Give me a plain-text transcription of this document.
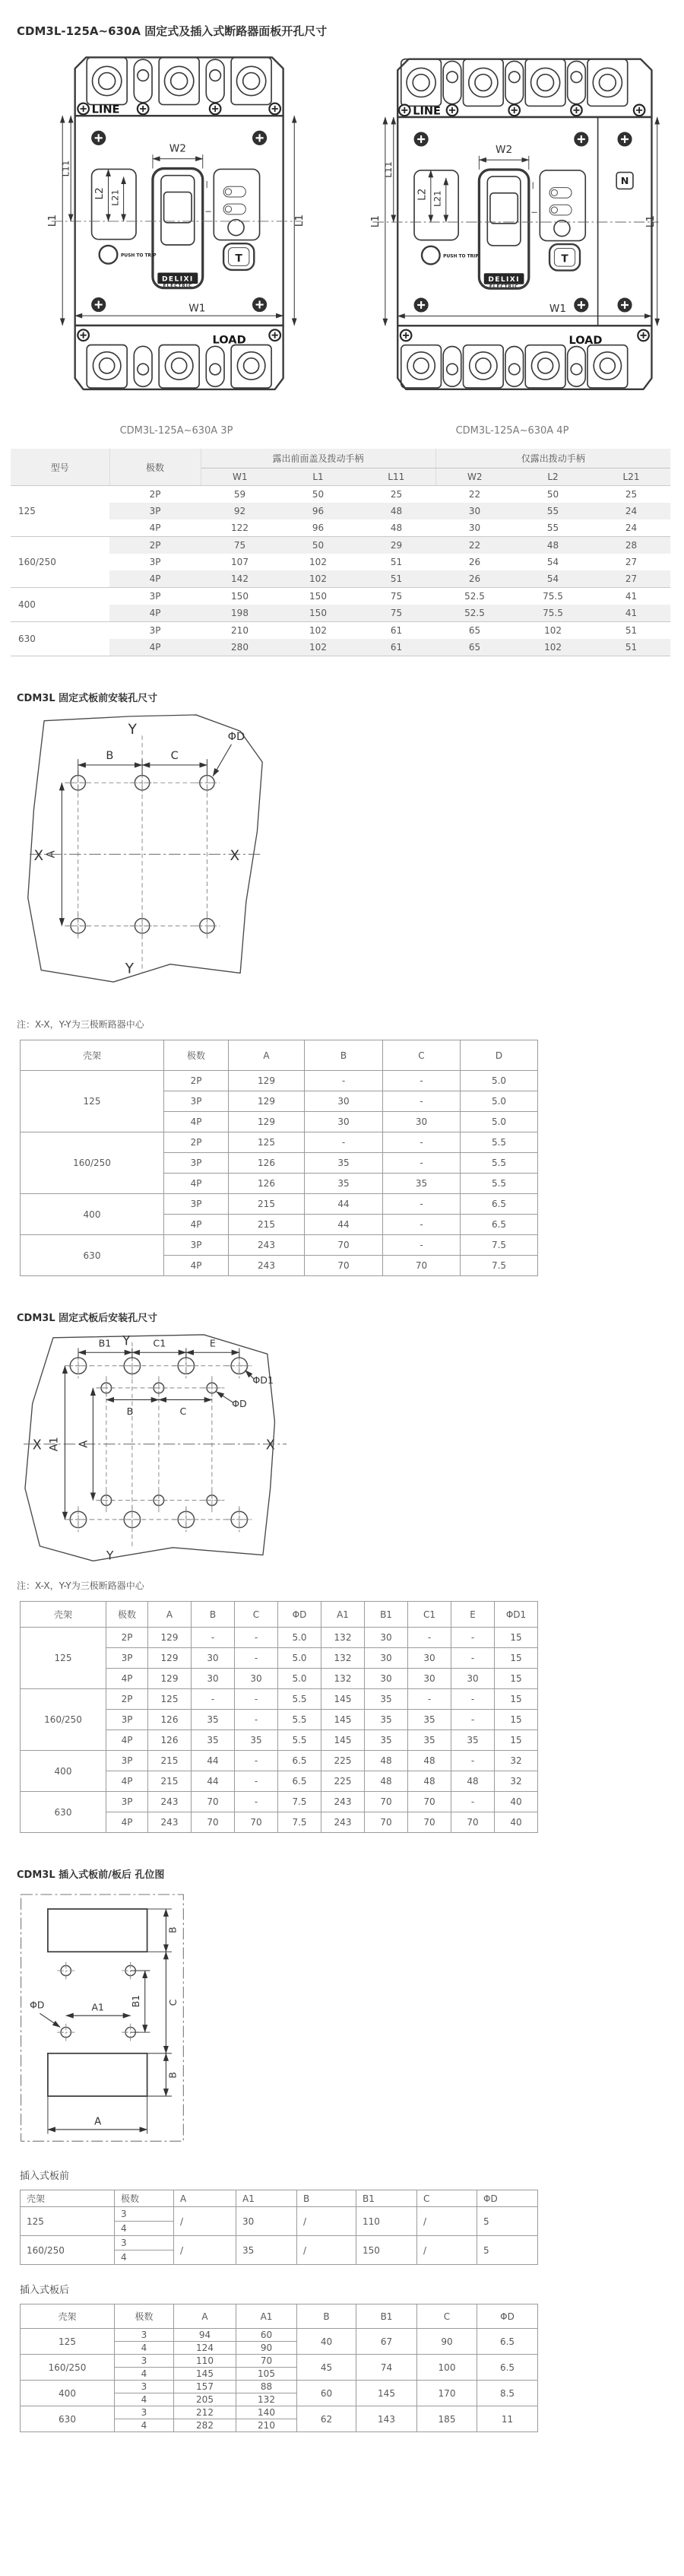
CDM3L-125A~630A 固定式及插入式断路器面板开孔尺寸
LINE
DELIXI
ELECTRIC
T
PUSH TO TRIP
W2
W1
L1
L11
L2 L21
L1
LOAD
CDM3L-125A~630A 3P
LINE
DELIXI
ELECTRIC
T
PUSH TO TRIP
N
W2
W1
L1
L11
L2 L21
L1
LOAD
CDM3L-125A~630A 4P
型号	极数	露出前面盖及拨动手柄			仅露出拨动手柄		
		W1	L1	L11	W2	L2	L21
125	2P	59	50	25	22	50	25
	3P	92	96	48	30	55	24
	4P	122	96	48	30	55	24
160/250	2P	75	50	29	22	48	28
	3P	107	102	51	26	54	27
	4P	142	102	51	26	54	27
400	3P	150	150	75	52.5	75.5	41
	4P	198	150	75	52.5	75.5	41
630	3P	210	102	61	65	102	51
	4P	280	102	61	65	102	51
CDM3L 固定式板前安装孔尺寸
Y
Y
X	X
B	C
A
ΦD

注：X-X，Y-Y为三极断路器中心

壳架	极数	A	B	C	D
125	2P	129	-	-	5.0
	3P	129	30	-	5.0
	4P	129	30	30	5.0
160/250	2P	125	-	-	5.5
	3P	126	35	-	5.5
	4P	126	35	35	5.5
400	3P	215	44	-	6.5
	4P	215	44	-	6.5
630	3P	243	70	-	7.5
	4P	243	70	70	7.5
CDM3L 固定式板后安装孔尺寸
Y
Y
X	X
B1	C1	E
B	C
A1 A
ΦD1
ΦD

注：X-X，Y-Y为三极断路器中心

壳架	极数	A	B	C	ΦD	A1	B1	C1	E	ΦD1
125	2P	129	-	-	5.0	132	30	-	-	15
	3P	129	30	-	5.0	132	30	30	-	15
	4P	129	30	30	5.0	132	30	30	30	15
160/250	2P	125	-	-	5.5	145	35	-	-	15
	3P	126	35	-	5.5	145	35	35	-	15
	4P	126	35	35	5.5	145	35	35	35	15
400	3P	215	44	-	6.5	225	48	48	-	32
	4P	215	44	-	6.5	225	48	48	48	32
630	3P	243	70	-	7.5	243	70	70	-	40
	4P	243	70	70	7.5	243	70	70	70	40
CDM3L 插入式板前/板后 孔位图
B
C
B
A1	B1
ΦD
A

插入式板前

壳架	极数	A	A1	B	B1	C	ΦD
125	3	/	30	/	110	/	5
	4						
160/250	3	/	35	/	150	/	5
	4						

插入式板后

壳架	极数	A	A1	B	B1	C	ΦD
125	3	94	60	40	67	90	6.5
	4	124	90				
160/250	3	110	70	45	74	100	6.5
	4	145	105				
400	3	157	88	60	145	170	8.5
	4	205	132				
630	3	212	140	62	143	185	11
	4	282	210				
